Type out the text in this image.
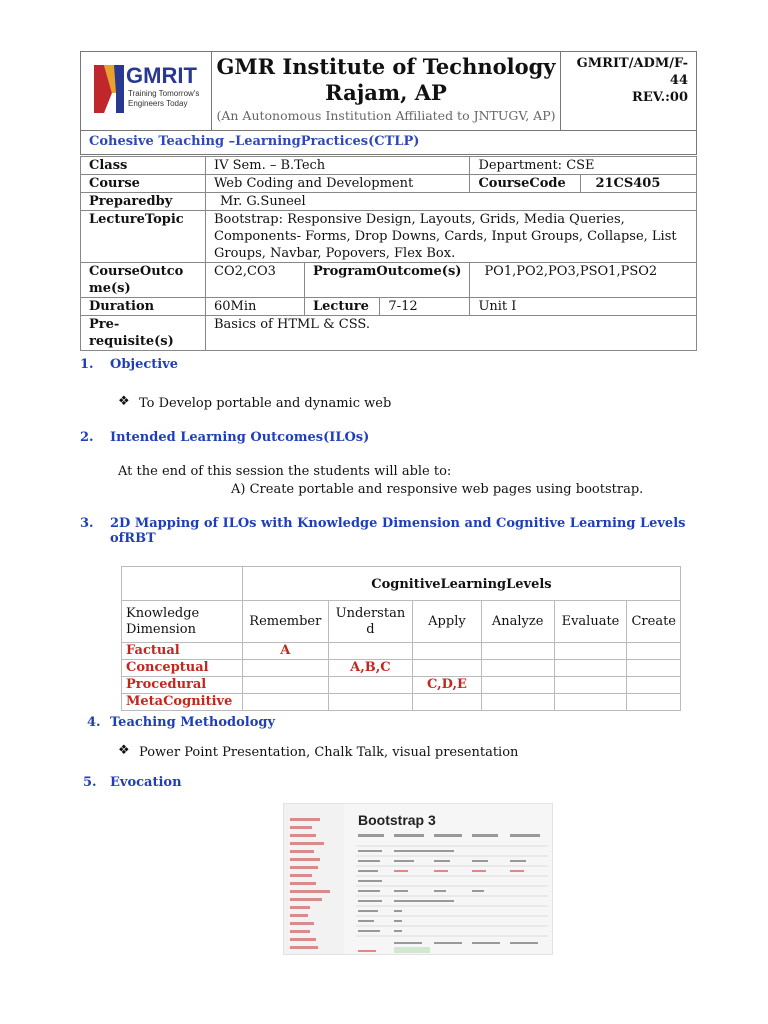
GMRIT
Training Tomorrow's
Engineers Today

GMR Institute of Technology
Rajam, AP
(An Autonomous Institution Affiliated to JNTUGV, AP)

GMRIT/ADM/F-44
REV.:00

Cohesive Teaching –LearningPractices(CTLP)
Class	IV Sem. – B.Tech			Department: CSE	
Course	Web Coding and Development			CourseCode	21CS405
Preparedby	Mr. G.Suneel				
LectureTopic	Bootstrap: Responsive Design, Layouts, Grids, Media Queries, Components- Forms, Drop Downs, Cards, Input Groups, Collapse, List Groups, Navbar, Popovers, Flex Box.				
CourseOutcome(s)	CO2,CO3	ProgramOutcome(s)		PO1,PO2,PO3,PSO1,PSO2	
Duration	60Min	Lecture	7-12	Unit I	
Pre-requisite(s)	Basics of HTML & CSS.				
1. Objective
❖ To Develop portable and dynamic web
2. Intended Learning Outcomes(ILOs)
At the end of this session the students will able to:
A) Create portable and responsive web pages using bootstrap.
3. 2D Mapping of ILOs with Knowledge Dimension and Cognitive Learning Levels
ofRBT

	CognitiveLearningLevels					

Knowledge Dimension	Remember	Understand	Apply	Analyze	Evaluate	Create
Factual	A					
Conceptual		A,B,C				
Procedural			C,D,E			
MetaCognitive						
4. Teaching Methodology
❖ Power Point Presentation, Chalk Talk, visual presentation
5. Evocation
Bootstrap 3
